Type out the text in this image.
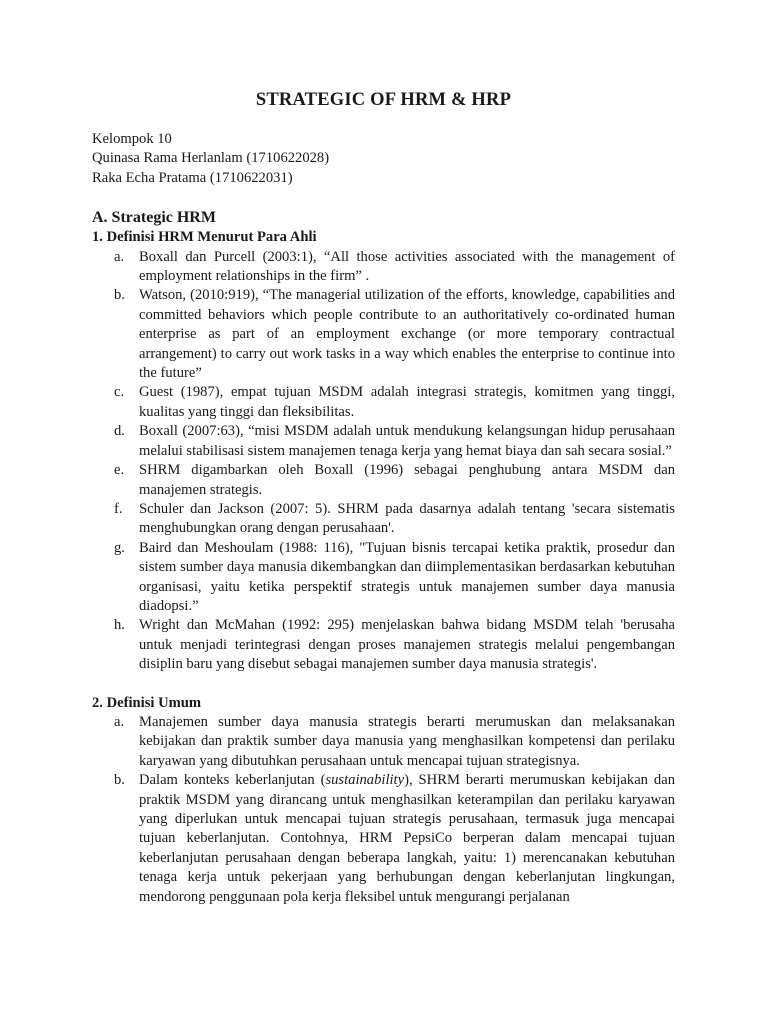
STRATEGIC OF HRM & HRP
Kelompok 10
Quinasa Rama Herlanlam (1710622028)
Raka Echa Pratama (1710622031)
A. Strategic HRM
1. Definisi HRM Menurut Para Ahli
a. Boxall dan Purcell (2003:1), “All those activities associated with the management of employment relationships in the firm” .
b. Watson, (2010:919), “The managerial utilization of the efforts, knowledge, capabilities and committed behaviors which people contribute to an authoritatively co-ordinated human enterprise as part of an employment exchange (or more temporary contractual arrangement) to carry out work tasks in a way which enables the enterprise to continue into the future”
c. Guest (1987), empat tujuan MSDM adalah integrasi strategis, komitmen yang tinggi, kualitas yang tinggi dan fleksibilitas.
d. Boxall (2007:63), “misi MSDM adalah untuk mendukung kelangsungan hidup perusahaan melalui stabilisasi sistem manajemen tenaga kerja yang hemat biaya dan sah secara sosial.”
e. SHRM digambarkan oleh Boxall (1996) sebagai penghubung antara MSDM dan manajemen strategis.
f. Schuler dan Jackson (2007: 5). SHRM pada dasarnya adalah tentang 'secara sistematis menghubungkan orang dengan perusahaan'.
g. Baird dan Meshoulam (1988: 116), "Tujuan bisnis tercapai ketika praktik, prosedur dan sistem sumber daya manusia dikembangkan dan diimplementasikan berdasarkan kebutuhan organisasi, yaitu ketika perspektif strategis untuk manajemen sumber daya manusia diadopsi.”
h. Wright dan McMahan (1992: 295) menjelaskan bahwa bidang MSDM telah 'berusaha untuk menjadi terintegrasi dengan proses manajemen strategis melalui pengembangan disiplin baru yang disebut sebagai manajemen sumber daya manusia strategis'.
2. Definisi Umum
a. Manajemen sumber daya manusia strategis berarti merumuskan dan melaksanakan kebijakan dan praktik sumber daya manusia yang menghasilkan kompetensi dan perilaku karyawan yang dibutuhkan perusahaan untuk mencapai tujuan strategisnya.
b. Dalam konteks keberlanjutan (sustainability), SHRM berarti merumuskan kebijakan dan praktik MSDM yang dirancang untuk menghasilkan keterampilan dan perilaku karyawan yang diperlukan untuk mencapai tujuan strategis perusahaan, termasuk juga mencapai tujuan keberlanjutan. Contohnya, HRM PepsiCo berperan dalam mencapai tujuan keberlanjutan perusahaan dengan beberapa langkah, yaitu: 1) merencanakan kebutuhan tenaga kerja untuk pekerjaan yang berhubungan dengan keberlanjutan lingkungan, mendorong penggunaan pola kerja fleksibel untuk mengurangi perjalanan
